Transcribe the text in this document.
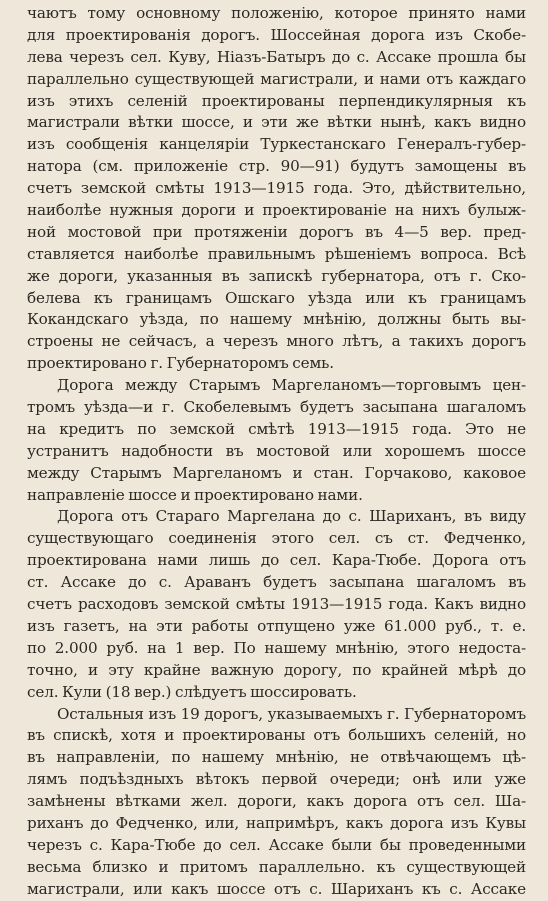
чаютъ тому основному положенію, которое принято нами
для проектированія дорогъ. Шоссейная дорога изъ Скобе-
лева черезъ сел. Куву, Ніазъ-Батыръ до с. Ассаке прошла бы
параллельно существующей магистрали, и нами отъ каждаго
изъ этихъ селеній проектированы перпендикулярныя къ
магистрали вѣтки шоссе, и эти же вѣтки нынѣ, какъ видно
изъ сообщенія канцеляріи Туркестанскаго Генералъ-губер-
натора (см. приложеніе стр. 90—91) будутъ замощены въ
счетъ земской смѣты 1913—1915 года. Это, дѣйствительно,
наиболѣе нужныя дороги и проектированіе на нихъ булыж-
ной мостовой при протяженіи дорогъ въ 4—5 вер. пред-
ставляется наиболѣе правильнымъ рѣшеніемъ вопроса. Всѣ
же дороги, указанныя въ запискѣ губернатора, отъ г. Ско-
белева къ границамъ Ошскаго уѣзда или къ границамъ
Кокандскаго уѣзда, по нашему мнѣнію, должны быть вы-
строены не сейчасъ, а черезъ много лѣтъ, а такихъ дорогъ
проектировано г. Губернаторомъ семь.
Дорога между Старымъ Маргеланомъ—торговымъ цен-
тромъ уѣзда—и г. Скобелевымъ будетъ засыпана шагаломъ
на кредитъ по земской смѣтѣ 1913—1915 года. Это не
устранитъ надобности въ мостовой или хорошемъ шоссе
между Старымъ Маргеланомъ и стан. Горчаково, каковое
направленіе шоссе и проектировано нами.
Дорога отъ Стараго Маргелана до с. Шариханъ, въ виду
существующаго соединенія этого сел. съ ст. Федченко,
проектирована нами лишь до сел. Кара-Тюбе. Дорога отъ
ст. Ассаке до с. Араванъ будетъ засыпана шагаломъ въ
счетъ расходовъ земской смѣты 1913—1915 года. Какъ видно
изъ газетъ, на эти работы отпущено уже 61.000 руб., т. е.
по 2.000 руб. на 1 вер. По нашему мнѣнію, этого недоста-
точно, и эту крайне важную дорогу, по крайней мѣрѣ до
сел. Кули (18 вер.) слѣдуетъ шоссировать.
Остальныя изъ 19 дорогъ, указываемыхъ г. Губернаторомъ
въ спискѣ, хотя и проектированы отъ большихъ селеній, но
въ направленіи, по нашему мнѣнію, не отвѣчающемъ цѣ-
лямъ подъѣздныхъ вѣтокъ первой очереди; онѣ или уже
замѣнены вѣтками жел. дороги, какъ дорога отъ сел. Ша-
риханъ до Федченко, или, напримѣръ, какъ дорога изъ Кувы
черезъ с. Кара-Тюбе до сел. Ассаке были бы проведенными
весьма близко и притомъ параллельно. къ существующей
магистрали, или какъ шоссе отъ с. Шариханъ къ с. Ассаке
